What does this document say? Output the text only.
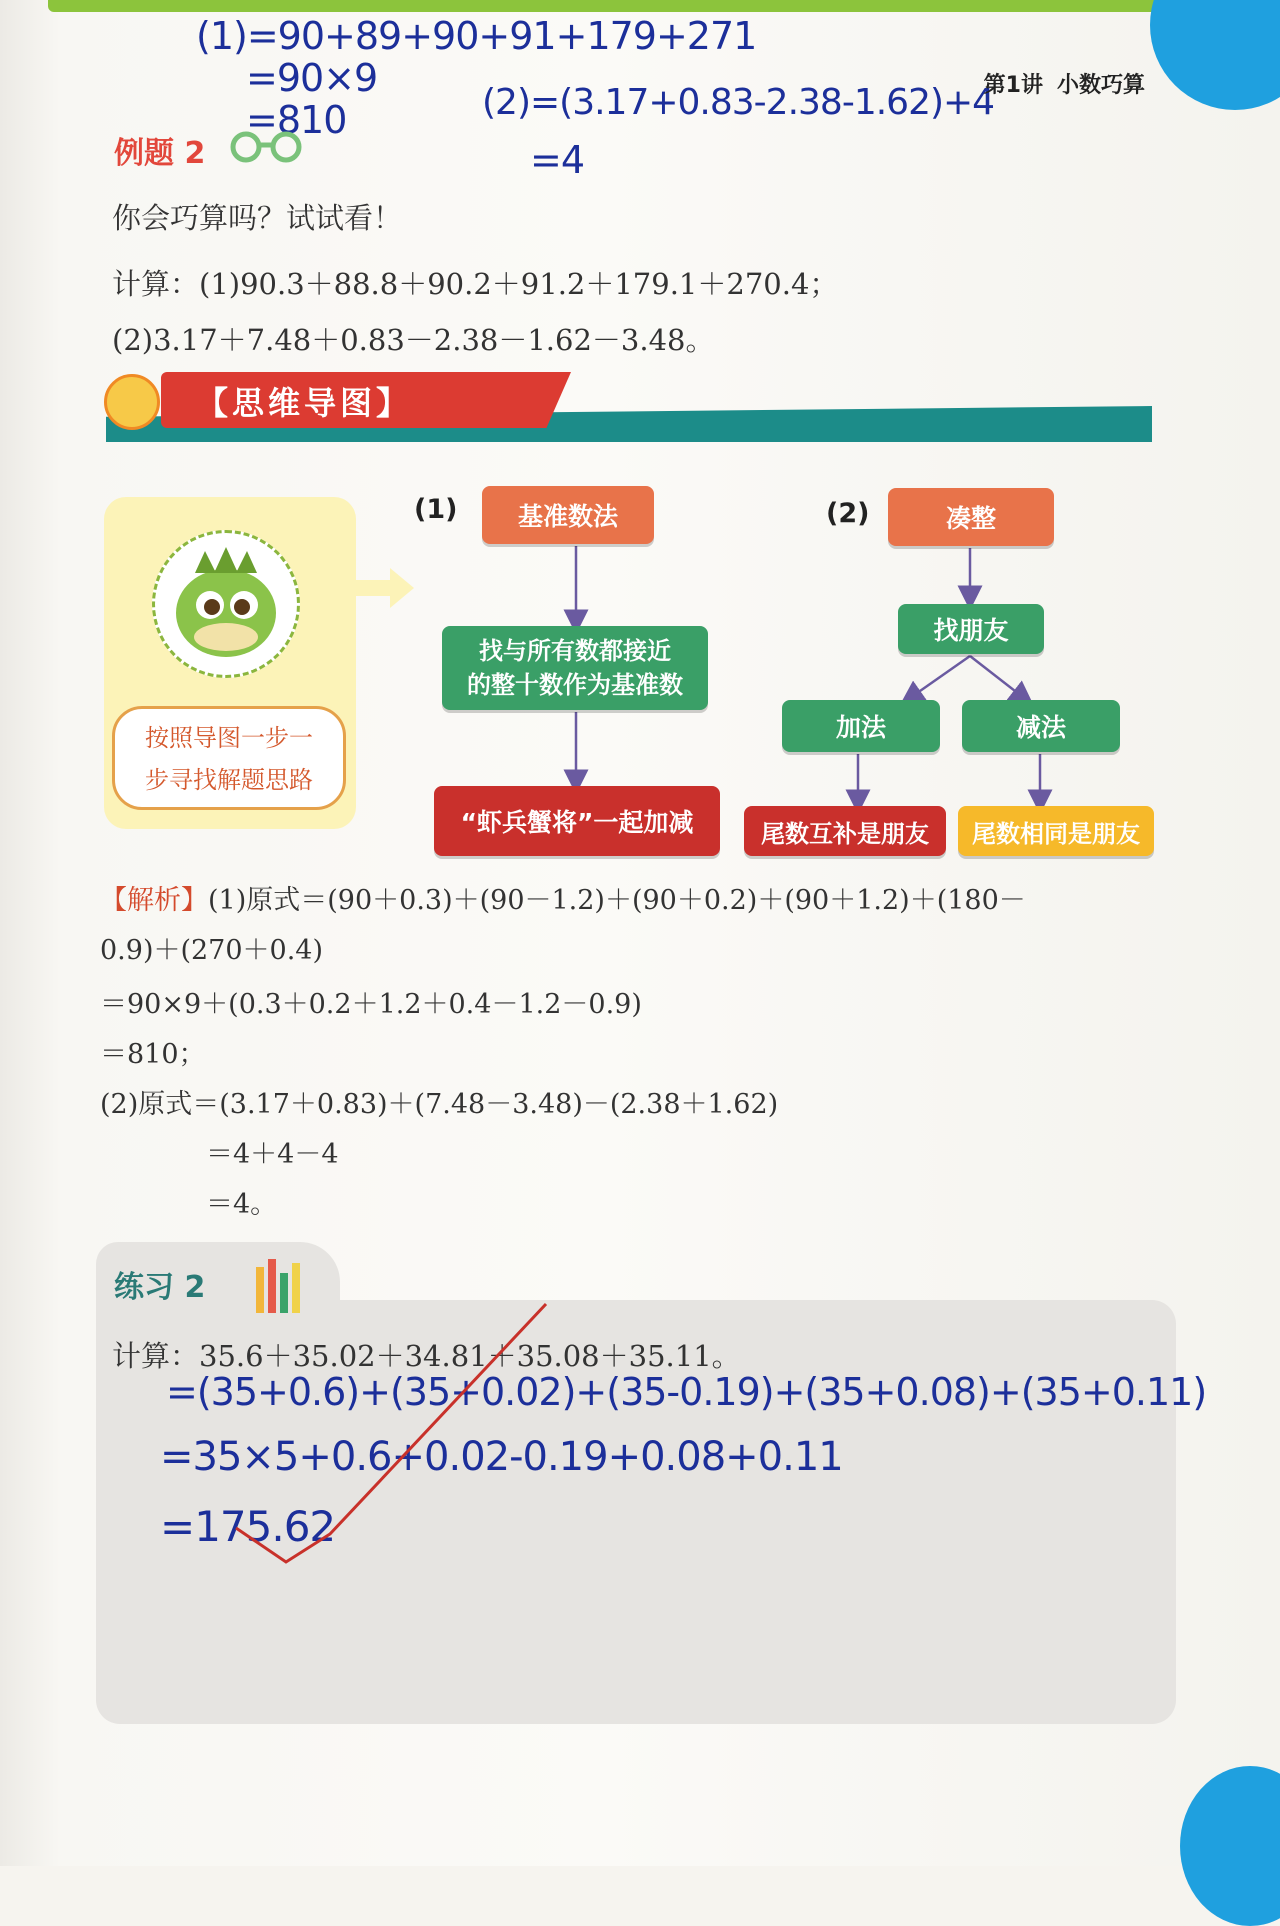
(1)=90+89+90+91+179+271
=90×9
=810	(2)=(3.17+0.83-2.38-1.62)+4
=4
第1讲 小数巧算
例题 2
你会巧算吗？试试看！
计算：(1)90.3＋88.8＋90.2＋91.2＋179.1＋270.4；
(2)3.17＋7.48＋0.83－2.38－1.62－3.48。
【思维导图】
按照导图一步一
步寻找解题思路
(1)	基准数法
找与所有数都接近
的整十数作为基准数
“虾兵蟹将”一起加减
(2)	凑整
找朋友
加法	减法
尾数互补是朋友	尾数相同是朋友
【解析】(1)原式＝(90＋0.3)＋(90－1.2)＋(90＋0.2)＋(90＋1.2)＋(180－
0.9)＋(270＋0.4)
＝90×9＋(0.3＋0.2＋1.2＋0.4－1.2－0.9)
＝810；
(2)原式＝(3.17＋0.83)＋(7.48－3.48)－(2.38＋1.62)
＝4＋4－4
＝4。
练习 2
计算：35.6＋35.02＋34.81＋35.08＋35.11。
=(35+0.6)+(35+0.02)+(35-0.19)+(35+0.08)+(35+0.11)
=35×5+0.6+0.02-0.19+0.08+0.11
=175.62
